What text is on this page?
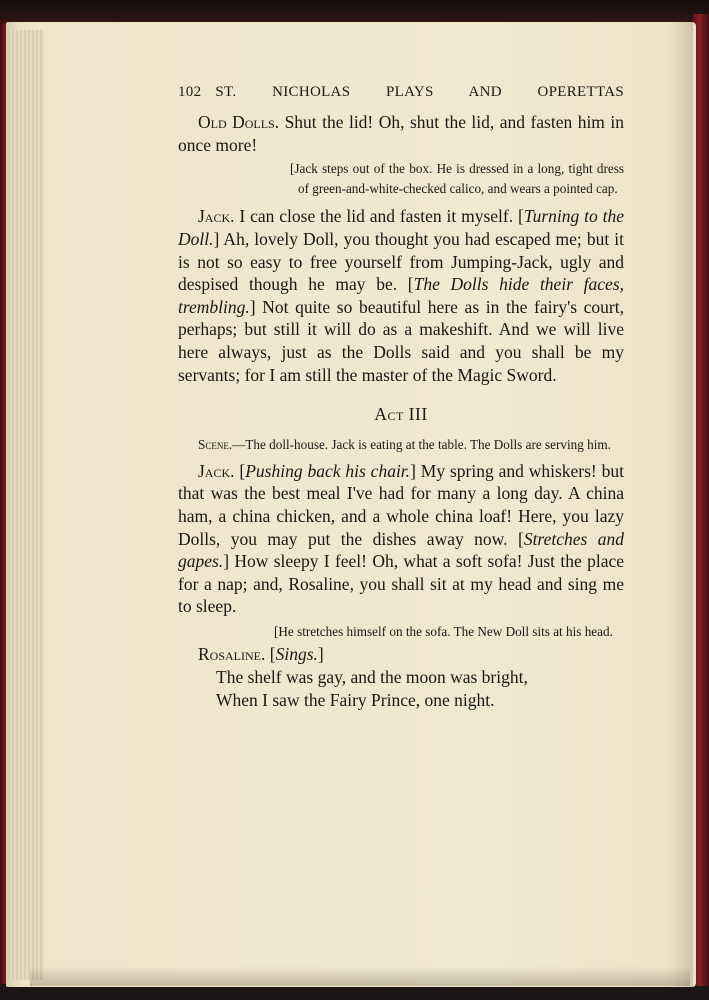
102 ST. NICHOLAS PLAYS AND OPERETTAS

Old Dolls. Shut the lid! Oh, shut the lid, and fasten him in once more!

[Jack steps out of the box. He is dressed in a long, tight dress of green-and-white-checked calico, and wears a pointed cap.

Jack. I can close the lid and fasten it myself. [Turning to the Doll.] Ah, lovely Doll, you thought you had escaped me; but it is not so easy to free yourself from Jumping-Jack, ugly and despised though he may be. [The Dolls hide their faces, trembling.] Not quite so beautiful here as in the fairy's court, perhaps; but still it will do as a makeshift. And we will live here always, just as the Dolls said and you shall be my servants; for I am still the master of the Magic Sword.

Act III

Scene.—The doll-house. Jack is eating at the table. The Dolls are serving him.

Jack. [Pushing back his chair.] My spring and whiskers! but that was the best meal I've had for many a long day. A china ham, a china chicken, and a whole china loaf! Here, you lazy Dolls, you may put the dishes away now. [Stretches and gapes.] How sleepy I feel! Oh, what a soft sofa! Just the place for a nap; and, Rosaline, you shall sit at my head and sing me to sleep.

[He stretches himself on the sofa. The New Doll sits at his head.

Rosaline. [Sings.]

The shelf was gay, and the moon was bright,

When I saw the Fairy Prince, one night.
